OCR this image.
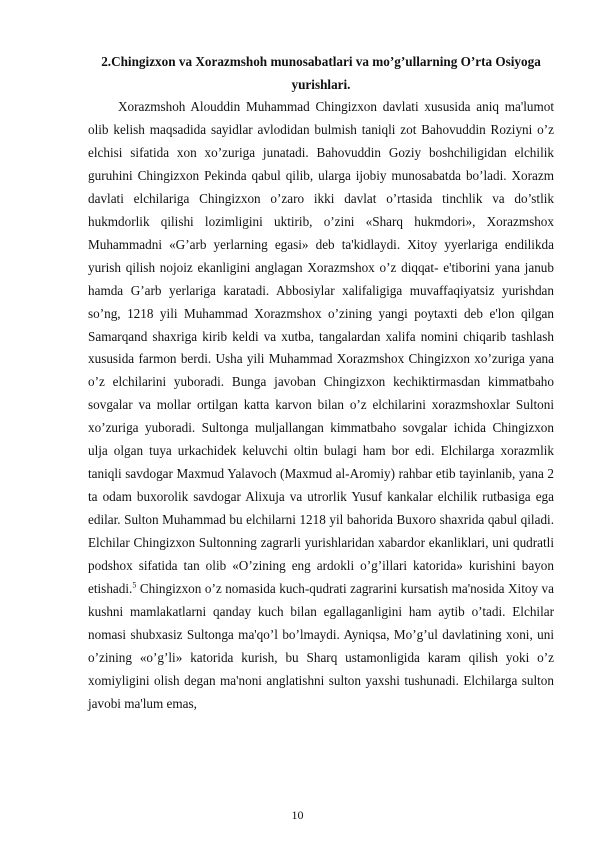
2.Chingizxon va Xorazmshoh munosabatlari va mo’g’ullarning O’rta Osiyoga
yurishlari.

Xorazmshoh Alouddin Muhammad Chingizxon davlati xususida aniq ma'lumot olib kelish maqsadida sayidlar avlodidan bulmish taniqli zot Bahovuddin Roziyni o’z elchisi sifatida xon xo’zuriga junatadi. Bahovuddin Goziy boshchiligidan elchilik guruhini Chingizxon Pekinda qabul qilib, ularga ijobiy munosabatda bo’ladi. Xorazm davlati elchilariga Chingizxon o’zaro ikki davlat o’rtasida tinchlik va do’stlik hukmdorlik qilishi lozimligini uktirib, o’zini «Sharq hukmdori», Xorazmshox Muhammadni «G’arb yerlarning egasi» deb ta'kidlaydi. Xitoy yyerlariga endilikda yurish qilish nojoiz ekanligini anglagan Xorazmshox o’z diqqat- e'tiborini yana janub hamda G’arb yerlariga karatadi. Abbosiylar xalifaligiga muvaffaqiyatsiz yurishdan so’ng, 1218 yili Muhammad Xorazmshox o’zining yangi poytaxti deb e'lon qilgan Samarqand shaxriga kirib keldi va xutba, tangalardan xalifa nomini chiqarib tashlash xususida farmon berdi. Usha yili Muhammad Xorazmshox Chingizxon xo’zuriga yana o’z elchilarini yuboradi. Bunga javoban Chingizxon kechiktirmasdan kimmatbaho sovgalar va mollar ortilgan katta karvon bilan o’z elchilarini xorazmshoxlar Sultoni xo’zuriga yuboradi. Sultonga muljallangan kimmatbaho sovgalar ichida Chingizxon ulja olgan tuya urkachidek keluvchi oltin bulagi ham bor edi. Elchilarga xorazmlik taniqli savdogar Maxmud Yalavoch (Maxmud al-Aromiy) rahbar etib tayinlanib, yana 2 ta odam buxorolik savdogar Alixuja va utrorlik Yusuf kankalar elchilik rutbasiga ega edilar. Sulton Muhammad bu elchilarni 1218 yil bahorida Buxoro shaxrida qabul qiladi. Elchilar Chingizxon Sultonning zagrarli yurishlaridan xabardor ekanliklari, uni qudratli podshox sifatida tan olib «O’zining eng ardokli o’g’illari katorida» kurishini bayon etishadi.$^5$ Chingizxon o’z nomasida kuch-qudrati zagrarini kursatish ma'nosida Xitoy va kushni mamlakatlarni qanday kuch bilan egallaganligini ham aytib o’tadi. Elchilar nomasi shubxasiz Sultonga ma'qo’l bo’lmaydi. Ayniqsa, Mo’g’ul davlatining xoni, uni o’zining «o’g’li» katorida kurish, bu Sharq ustamonligida karam qilish yoki o’z xomiyligini olish degan ma'noni anglatishni sulton yaxshi tushunadi. Elchilarga sulton javobi ma'lum emas,

10
